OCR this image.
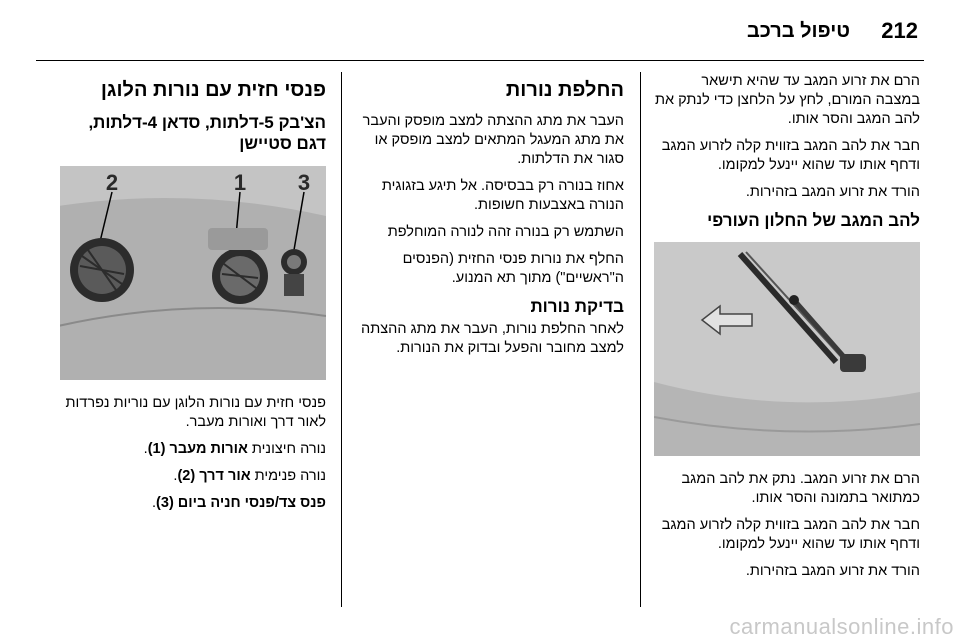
212
טיפול ברכב

הרם את זרוע המגב עד שהיא תישאר במצבה המורם, לחץ על הלחצן כדי לנתק את להב המגב והסר אותו.

חבר את להב המגב בזווית קלה לזרוע המגב ודחף אותו עד שהוא יינעל למקומו.

הורד את זרוע המגב בזהירות.

להב המגב של החלון העורפי

הרם את זרוע המגב. נתק את להב המגב כמתואר בתמונה והסר אותו.

חבר את להב המגב בזווית קלה לזרוע המגב ודחף אותו עד שהוא יינעל למקומו.

הורד את זרוע המגב בזהירות.

החלפת נורות

העבר את מתג ההצתה למצב מופסק והעבר את מתג המעגל המתאים למצב מופסק או סגור את הדלתות.

אחוז בנורה רק בבסיסה. אל תיגע בזגוגית הנורה באצבעות חשופות.

השתמש רק בנורה זהה לנורה המוחלפת

החלף את נורות פנסי החזית (הפנסים ה"ראשיים") מתוך תא המנוע.

בדיקת נורות

לאחר החלפת נורות, העבר את מתג ההצתה למצב מחובר והפעל ובדוק את הנורות.

פנסי חזית עם נורות הלוגן
הצ'בק 5-דלתות, סדאן 4-דלתות, דגם סטיישן
2	1 3

פנסי חזית עם נורות הלוגן עם נוריות נפרדות לאור דרך ואורות מעבר.

נורה חיצונית אורות מעבר (1).

נורה פנימית אור דרך (2).

פנס צד/פנסי חניה ביום (3).

carmanualsonline.info
